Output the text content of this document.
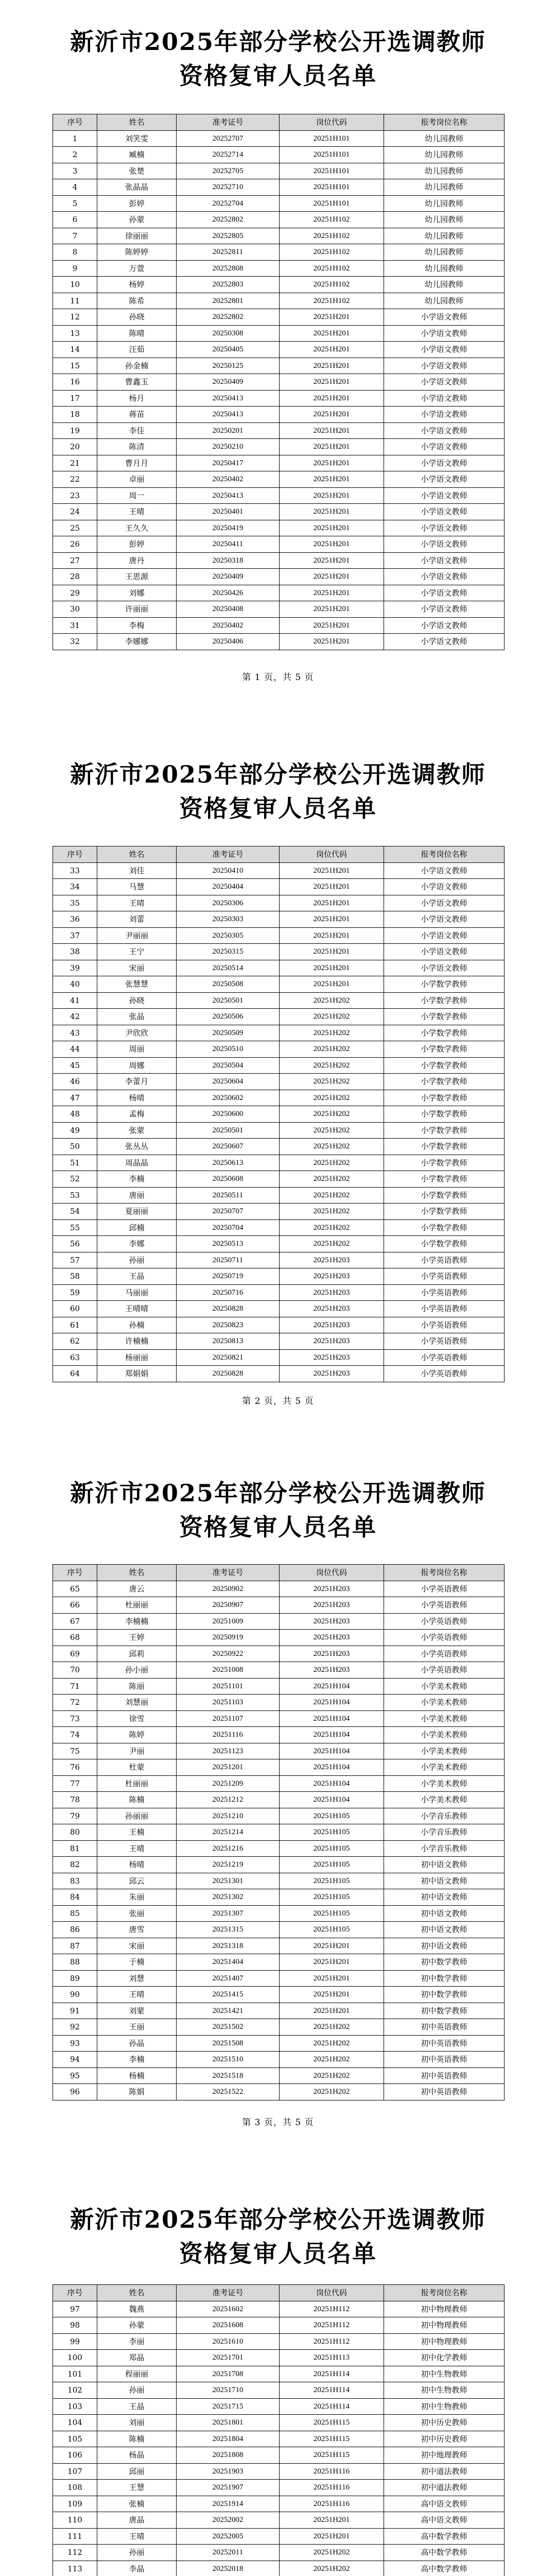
新沂市2025年部分学校公开选调教师
资格复审人员名单
序号	姓名	准考证号	岗位代码	报考岗位名称
1	刘笑雯	20252707	20251H101	幼儿园教师
2	臧楠	20252714	20251H101	幼儿园教师
3	张楚	20252705	20251H101	幼儿园教师
4	张晶晶	20252710	20251H101	幼儿园教师
5	彭婷	20252704	20251H101	幼儿园教师
6	孙蒙	20252802	20251H102	幼儿园教师
7	徐丽丽	20252805	20251H102	幼儿园教师
8	陈婷婷	20252811	20251H102	幼儿园教师
9	万萱	20252808	20251H102	幼儿园教师
10	杨婷	20252803	20251H102	幼儿园教师
11	陈希	20252801	20251H102	幼儿园教师
12	孙晓	20252802	20251H201	小学语文教师
13	陈晴	20250308	20251H201	小学语文教师
14	汪茹	20250405	20251H201	小学语文教师
15	孙金楠	20250125	20251H201	小学语文教师
16	曹鑫玉	20250409	20251H201	小学语文教师
17	杨月	20250413	20251H201	小学语文教师
18	蒋苗	20250413	20251H201	小学语文教师
19	李佳	20250201	20251H201	小学语文教师
20	陈清	20250210	20251H201	小学语文教师
21	曹月月	20250417	20251H201	小学语文教师
22	卓丽	20250402	20251H201	小学语文教师
23	周一	20250413	20251H201	小学语文教师
24	王晴	20250401	20251H201	小学语文教师
25	王久久	20250419	20251H201	小学语文教师
26	彭婷	20250411	20251H201	小学语文教师
27	唐丹	20250318	20251H201	小学语文教师
28	王思源	20250409	20251H201	小学语文教师
29	刘娜	20250426	20251H201	小学语文教师
30	许丽丽	20250408	20251H201	小学语文教师
31	李梅	20250402	20251H201	小学语文教师
32	李娜娜	20250406	20251H201	小学语文教师
第 1 页，共 5 页
新沂市2025年部分学校公开选调教师
资格复审人员名单
序号	姓名	准考证号	岗位代码	报考岗位名称
33	刘佳	20250410	20251H201	小学语文教师
34	马慧	20250404	20251H201	小学语文教师
35	王晴	20250306	20251H201	小学语文教师
36	刘蕾	20250303	20251H201	小学语文教师
37	尹丽丽	20250305	20251H201	小学语文教师
38	王宁	20250315	20251H201	小学语文教师
39	宋丽	20250514	20251H201	小学语文教师
40	张慧慧	20250508	20251H201	小学数学教师
41	孙晓	20250501	20251H202	小学数学教师
42	张晶	20250506	20251H202	小学数学教师
43	尹欣欣	20250509	20251H202	小学数学教师
44	周丽	20250510	20251H202	小学数学教师
45	周娜	20250504	20251H202	小学数学教师
46	李蕾月	20250604	20251H202	小学数学教师
47	杨晴	20250602	20251H202	小学数学教师
48	孟梅	20250600	20251H202	小学数学教师
49	张蒙	20250501	20251H202	小学数学教师
50	张丛丛	20250607	20251H202	小学数学教师
51	周晶晶	20250613	20251H202	小学数学教师
52	李楠	20250608	20251H202	小学数学教师
53	唐丽	20250511	20251H202	小学数学教师
54	夏丽丽	20250707	20251H202	小学数学教师
55	邱楠	20250704	20251H202	小学数学教师
56	李娜	20250513	20251H202	小学数学教师
57	孙丽	20250711	20251H203	小学英语教师
58	王晶	20250719	20251H203	小学英语教师
59	马丽丽	20250716	20251H203	小学英语教师
60	王晴晴	20250828	20251H203	小学英语教师
61	孙楠	20250823	20251H203	小学英语教师
62	许楠楠	20250813	20251H203	小学英语教师
63	杨丽丽	20250821	20251H203	小学英语教师
64	郑娟娟	20250828	20251H203	小学英语教师
第 2 页，共 5 页
新沂市2025年部分学校公开选调教师
资格复审人员名单
序号	姓名	准考证号	岗位代码	报考岗位名称
65	唐云	20250902	20251H203	小学英语教师
66	杜丽丽	20250907	20251H203	小学英语教师
67	李楠楠	20251009	20251H203	小学英语教师
68	王婷	20250919	20251H203	小学英语教师
69	邱莉	20250922	20251H203	小学英语教师
70	孙小丽	20251008	20251H203	小学英语教师
71	陈丽	20251101	20251H104	小学美术教师
72	刘慧丽	20251103	20251H104	小学美术教师
73	徐雪	20251107	20251H104	小学美术教师
74	陈婷	20251116	20251H104	小学美术教师
75	尹丽	20251123	20251H104	小学美术教师
76	杜蒙	20251201	20251H104	小学美术教师
77	杜丽丽	20251209	20251H104	小学美术教师
78	陈楠	20251212	20251H104	小学美术教师
79	孙丽丽	20251210	20251H105	小学音乐教师
80	王楠	20251214	20251H105	小学音乐教师
81	王晴	20251216	20251H105	小学音乐教师
82	杨晴	20251219	20251H105	初中语文教师
83	邱云	20251301	20251H105	初中语文教师
84	朱丽	20251302	20251H105	初中语文教师
85	张丽	20251307	20251H105	初中语文教师
86	唐雪	20251315	20251H105	初中语文教师
87	宋丽	20251318	20251H201	初中语文教师
88	于楠	20251404	20251H201	初中数学教师
89	刘慧	20251407	20251H201	初中数学教师
90	王晴	20251415	20251H201	初中数学教师
91	刘蒙	20251421	20251H201	初中数学教师
92	王丽	20251502	20251H202	初中英语教师
93	孙晶	20251508	20251H202	初中英语教师
94	李楠	20251510	20251H202	初中英语教师
95	杨楠	20251518	20251H202	初中英语教师
96	陈娟	20251522	20251H202	初中英语教师
第 3 页，共 5 页
新沂市2025年部分学校公开选调教师
资格复审人员名单
序号	姓名	准考证号	岗位代码	报考岗位名称
97	魏燕	20251602	20251H112	初中物理教师
98	孙蒙	20251608	20251H112	初中物理教师
99	李丽	20251610	20251H112	初中物理教师
100	郑晶	20251701	20251H113	初中化学教师
101	程丽丽	20251708	20251H114	初中生物教师
102	孙丽	20251710	20251H114	初中生物教师
103	王晶	20251715	20251H114	初中生物教师
104	刘丽	20251801	20251H115	初中历史教师
105	陈楠	20251804	20251H115	初中历史教师
106	杨晶	20251808	20251H115	初中地理教师
107	邱丽	20251903	20251H116	初中道法教师
108	王慧	20251907	20251H116	初中道法教师
109	张楠	20251914	20251H116	高中语文教师
110	唐晶	20252002	20251H201	高中语文教师
111	王晴	20252005	20251H201	高中数学教师
112	孙丽	20252011	20251H202	高中数学教师
113	李晶	20252018	20251H202	高中数学教师
